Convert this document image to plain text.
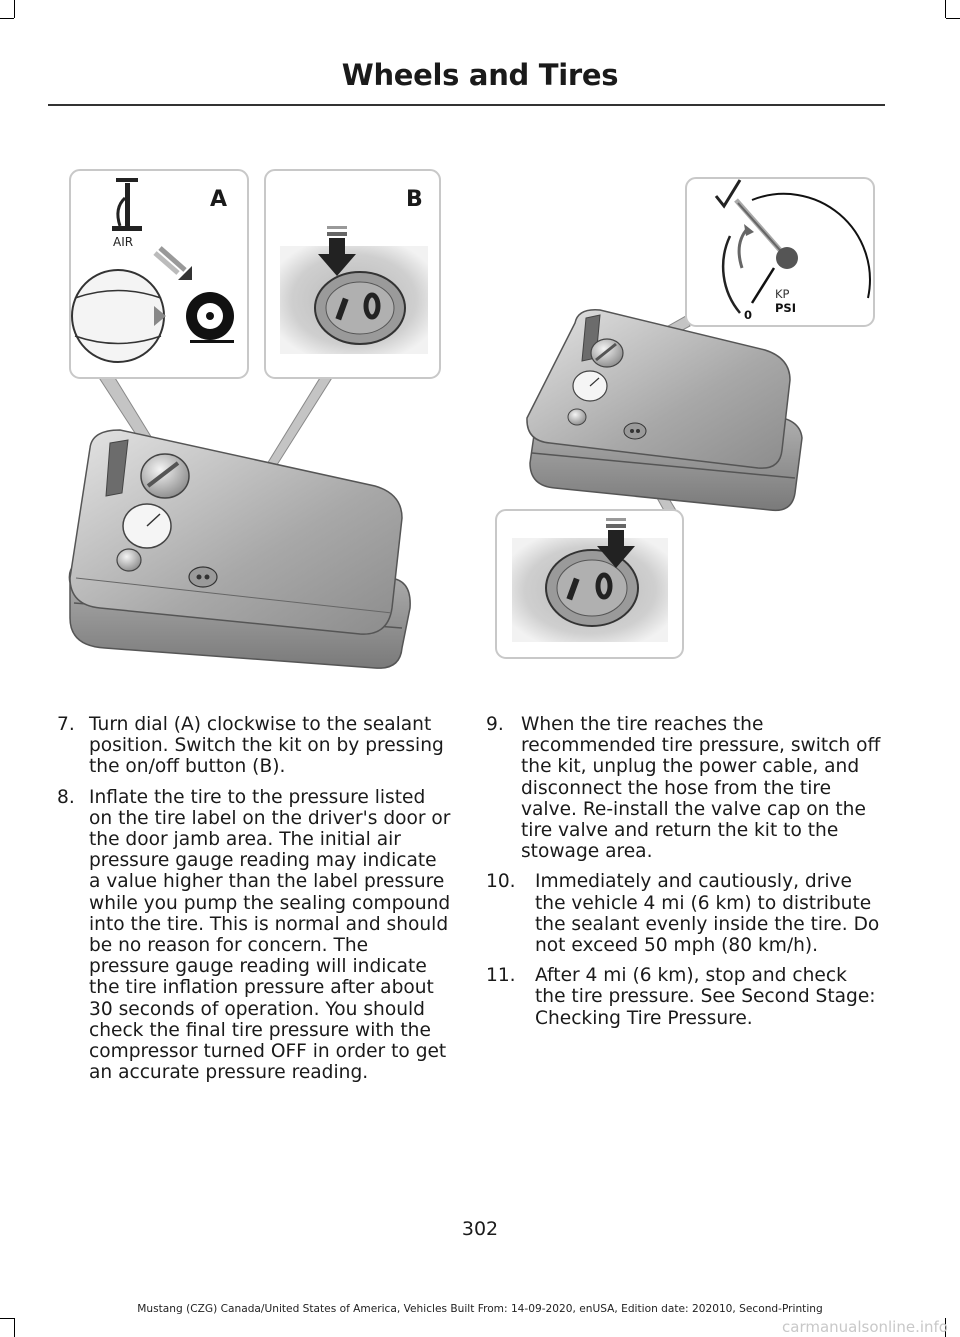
Wheels and Tires
A
AIR
B
KP
PSI
0
7. Turn dial (A) clockwise to the sealant position. Switch the kit on by pressing the on/off button (B).
8. Inflate the tire to the pressure listed on the tire label on the driver's door or the door jamb area. The initial air pressure gauge reading may indicate a value higher than the label pressure while you pump the sealing compound into the tire. This is normal and should be no reason for concern. The pressure gauge reading will indicate the tire inflation pressure after about 30 seconds of operation. You should check the final tire pressure with the compressor turned OFF in order to get an accurate pressure reading.
9. When the tire reaches the recommended tire pressure, switch off the kit, unplug the power cable, and disconnect the hose from the tire valve. Re-install the valve cap on the tire valve and return the kit to the stowage area.
10. Immediately and cautiously, drive the vehicle 4 mi (6 km) to distribute the sealant evenly inside the tire. Do not exceed 50 mph (80 km/h).
11. After 4 mi (6 km), stop and check the tire pressure. See Second Stage: Checking Tire Pressure.
302
Mustang (CZG) Canada/United States of America, Vehicles Built From: 14-09-2020, enUSA, Edition date: 202010, Second-Printing
carmanualsonline.info
